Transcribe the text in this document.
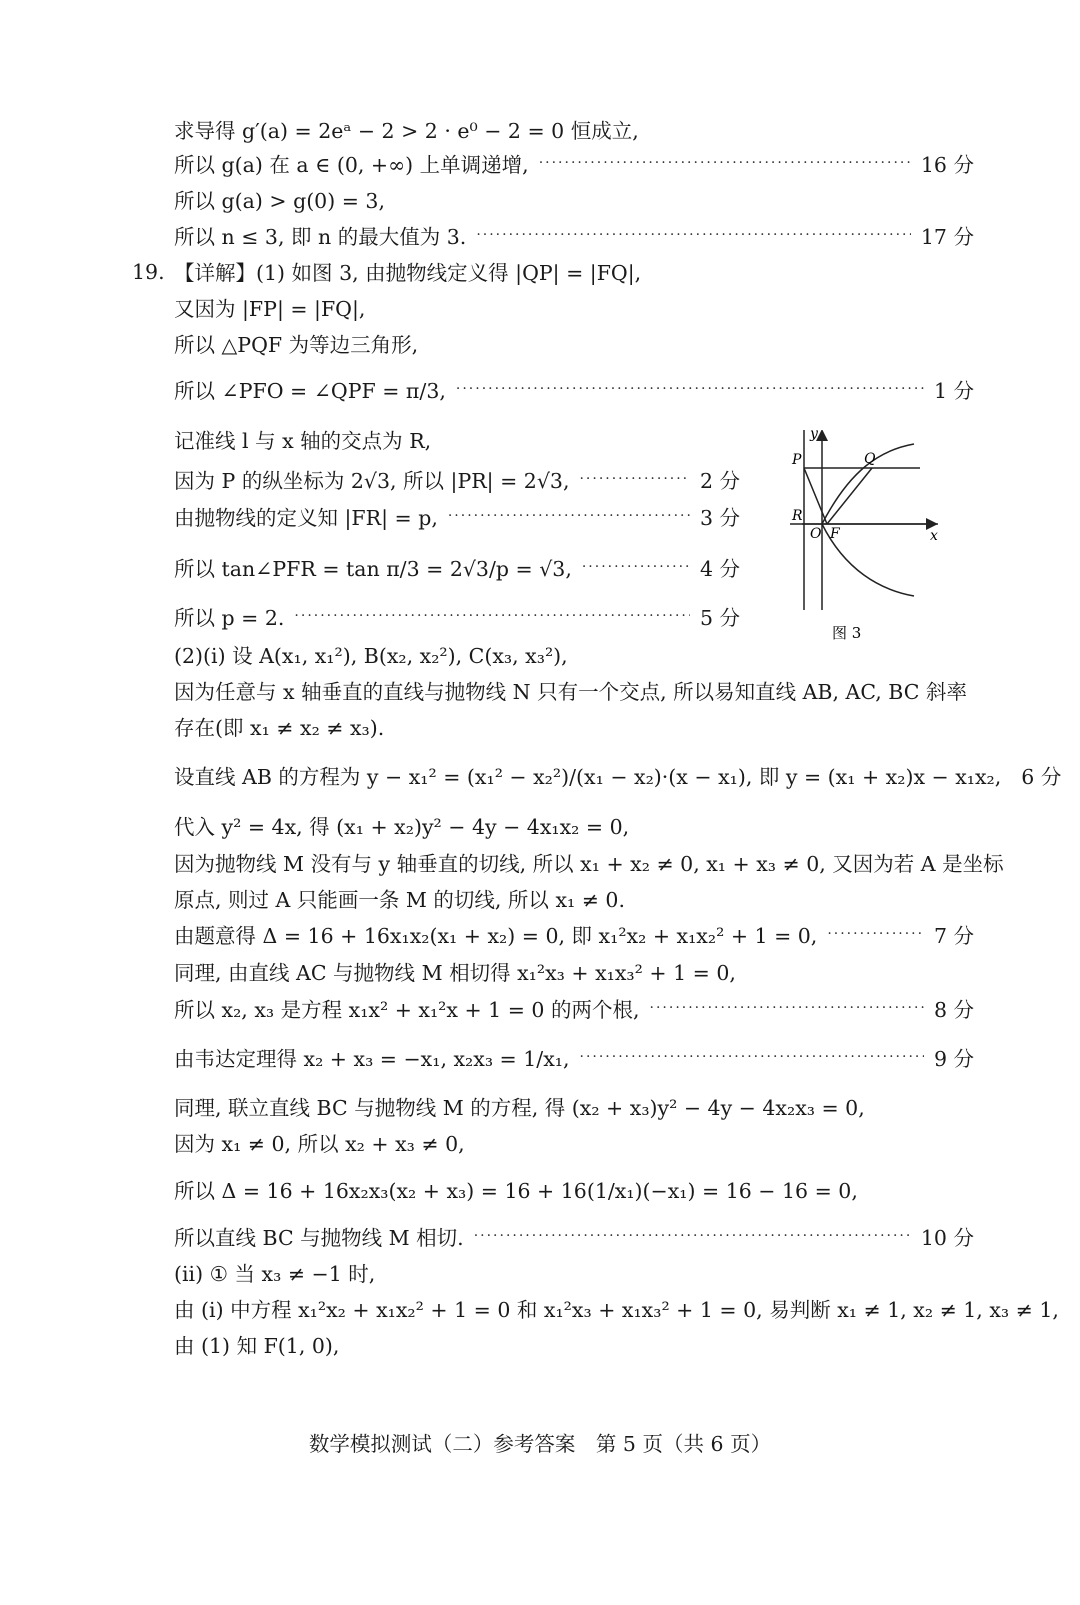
求导得 g′(a) = 2eᵃ − 2 > 2 · e⁰ − 2 = 0 恒成立,
所以 g(a) 在 a ∈ (0, +∞) 上单调递增, ·····	16 分
所以 g(a) > g(0) = 3,
所以 n ≤ 3, 即 n 的最大值为 3. ·····	17 分
19. 【详解】(1) 如图 3, 由抛物线定义得 |QP| = |FQ|,
又因为 |FP| = |FQ|,
所以 △PQF 为等边三角形,
所以 ∠PFO = ∠QPF = π/3, ·····	1 分
记准线 l 与 x 轴的交点为 R,
因为 P 的纵坐标为 2√3, 所以 |PR| = 2√3, ·····	2 分
由抛物线的定义知 |FR| = p, ·····	3 分
所以 tan∠PFR = tan π/3 = 2√3/p = √3, ·····	4 分
所以 p = 2. ·····	5 分
y
x
P	Q
R
O F
图 3
(2)(i) 设 A(x₁, x₁²), B(x₂, x₂²), C(x₃, x₃²),
因为任意与 x 轴垂直的直线与抛物线 N 只有一个交点, 所以易知直线 AB, AC, BC 斜率
存在(即 x₁ ≠ x₂ ≠ x₃).
设直线 AB 的方程为 y − x₁² = (x₁² − x₂²)/(x₁ − x₂)·(x − x₁), 即 y = (x₁ + x₂)x − x₁x₂, 6 分
代入 y² = 4x, 得 (x₁ + x₂)y² − 4y − 4x₁x₂ = 0,
因为抛物线 M 没有与 y 轴垂直的切线, 所以 x₁ + x₂ ≠ 0, x₁ + x₃ ≠ 0, 又因为若 A 是坐标
原点, 则过 A 只能画一条 M 的切线, 所以 x₁ ≠ 0.
由题意得 Δ = 16 + 16x₁x₂(x₁ + x₂) = 0, 即 x₁²x₂ + x₁x₂² + 1 = 0, ·····	7 分
同理, 由直线 AC 与抛物线 M 相切得 x₁²x₃ + x₁x₃² + 1 = 0,
所以 x₂, x₃ 是方程 x₁x² + x₁²x + 1 = 0 的两个根, ·····	8 分
由韦达定理得 x₂ + x₃ = −x₁, x₂x₃ = 1/x₁, ·····	9 分
同理, 联立直线 BC 与抛物线 M 的方程, 得 (x₂ + x₃)y² − 4y − 4x₂x₃ = 0,
因为 x₁ ≠ 0, 所以 x₂ + x₃ ≠ 0,
所以 Δ = 16 + 16x₂x₃(x₂ + x₃) = 16 + 16(1/x₁)(−x₁) = 16 − 16 = 0,
所以直线 BC 与抛物线 M 相切. ·····	10 分
(ii) ① 当 x₃ ≠ −1 时,
由 (i) 中方程 x₁²x₂ + x₁x₂² + 1 = 0 和 x₁²x₃ + x₁x₃² + 1 = 0, 易判断 x₁ ≠ 1, x₂ ≠ 1, x₃ ≠ 1,
由 (1) 知 F(1, 0),
数学模拟测试（二）参考答案　第 5 页（共 6 页）
